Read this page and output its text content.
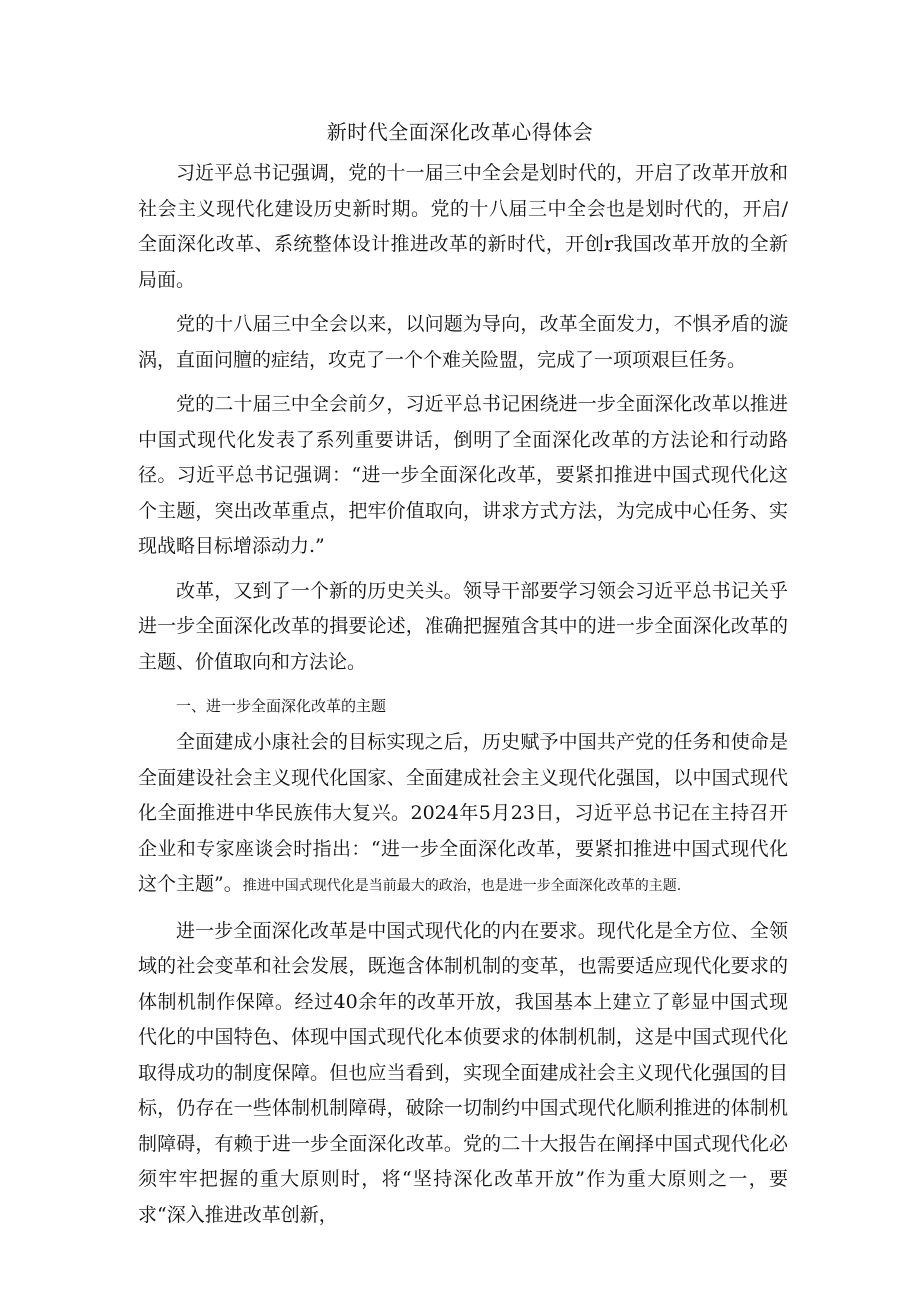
新时代全面深化改革心得体会

习近平总书记强调，党的十一届三中全会是划时代的，开启了改革开放和社会主义现代化建设历史新时期。党的十八届三中全会也是划时代的，开启/全面深化改革、系统整体设计推进改革的新时代，开创r我国改革开放的全新局面。

党的十八届三中全会以来，以问题为导向，改革全面发力，不惧矛盾的漩涡，直面问膻的症结，攻克了一个个难关险盟，完成了一项项艰巨任务。

党的二十届三中全会前夕，习近平总书记困绕进一步全面深化改革以推进中国式现代化发表了系列重要讲话，倒明了全面深化改革的方法论和行动路径。习近平总书记强调：“进一步全面深化改革，要紧扣推进中国式现代化这个主题，突出改革重点，把牢价值取向，讲求方式方法，为完成中心任务、实现战略目标增添动力.”

改革，又到了一个新的历史关头。领导干部要学习领会习近平总书记关乎进一步全面深化改革的揖要论述，准确把握殖含其中的进一步全面深化改革的主题、价值取向和方法论。

一、进一步全面深化改革的主题

全面建成小康社会的目标实现之后，历史赋予中国共产党的任务和使命是全面建设社会主义现代化国家、全面建成社会主义现代化强国，以中国式现代化全面推进中华民族伟大复兴。2024年5月23日，习近平总书记在主持召开企业和专家座谈会时指出：“进一步全面深化改革，要紧扣推进中国式现代化这个主题”。推进中国式现代化是当前最大的政治，也是进一步全面深化改革的主题.

进一步全面深化改革是中国式现代化的内在要求。现代化是全方位、全领域的社会变革和社会发展，既迤含体制机制的变革，也需要适应现代化要求的体制机制作保障。经过40余年的改革开放，我国基本上建立了彰显中国式现代化的中国特色、体现中国式现代化本侦要求的体制机制，这是中国式现代化取得成功的制度保障。但也应当看到，实现全面建成社会主义现代化强国的目标，仍存在一些体制机制障碍，破除一切制约中国式现代化顺利推进的体制机制障碍，有赖于进一步全面深化改革。党的二十大报告在阐择中国式现代化必须牢牢把握的重大原则时，将“坚持深化改革开放”作为重大原则之一，要求“深入推进改革创新，
